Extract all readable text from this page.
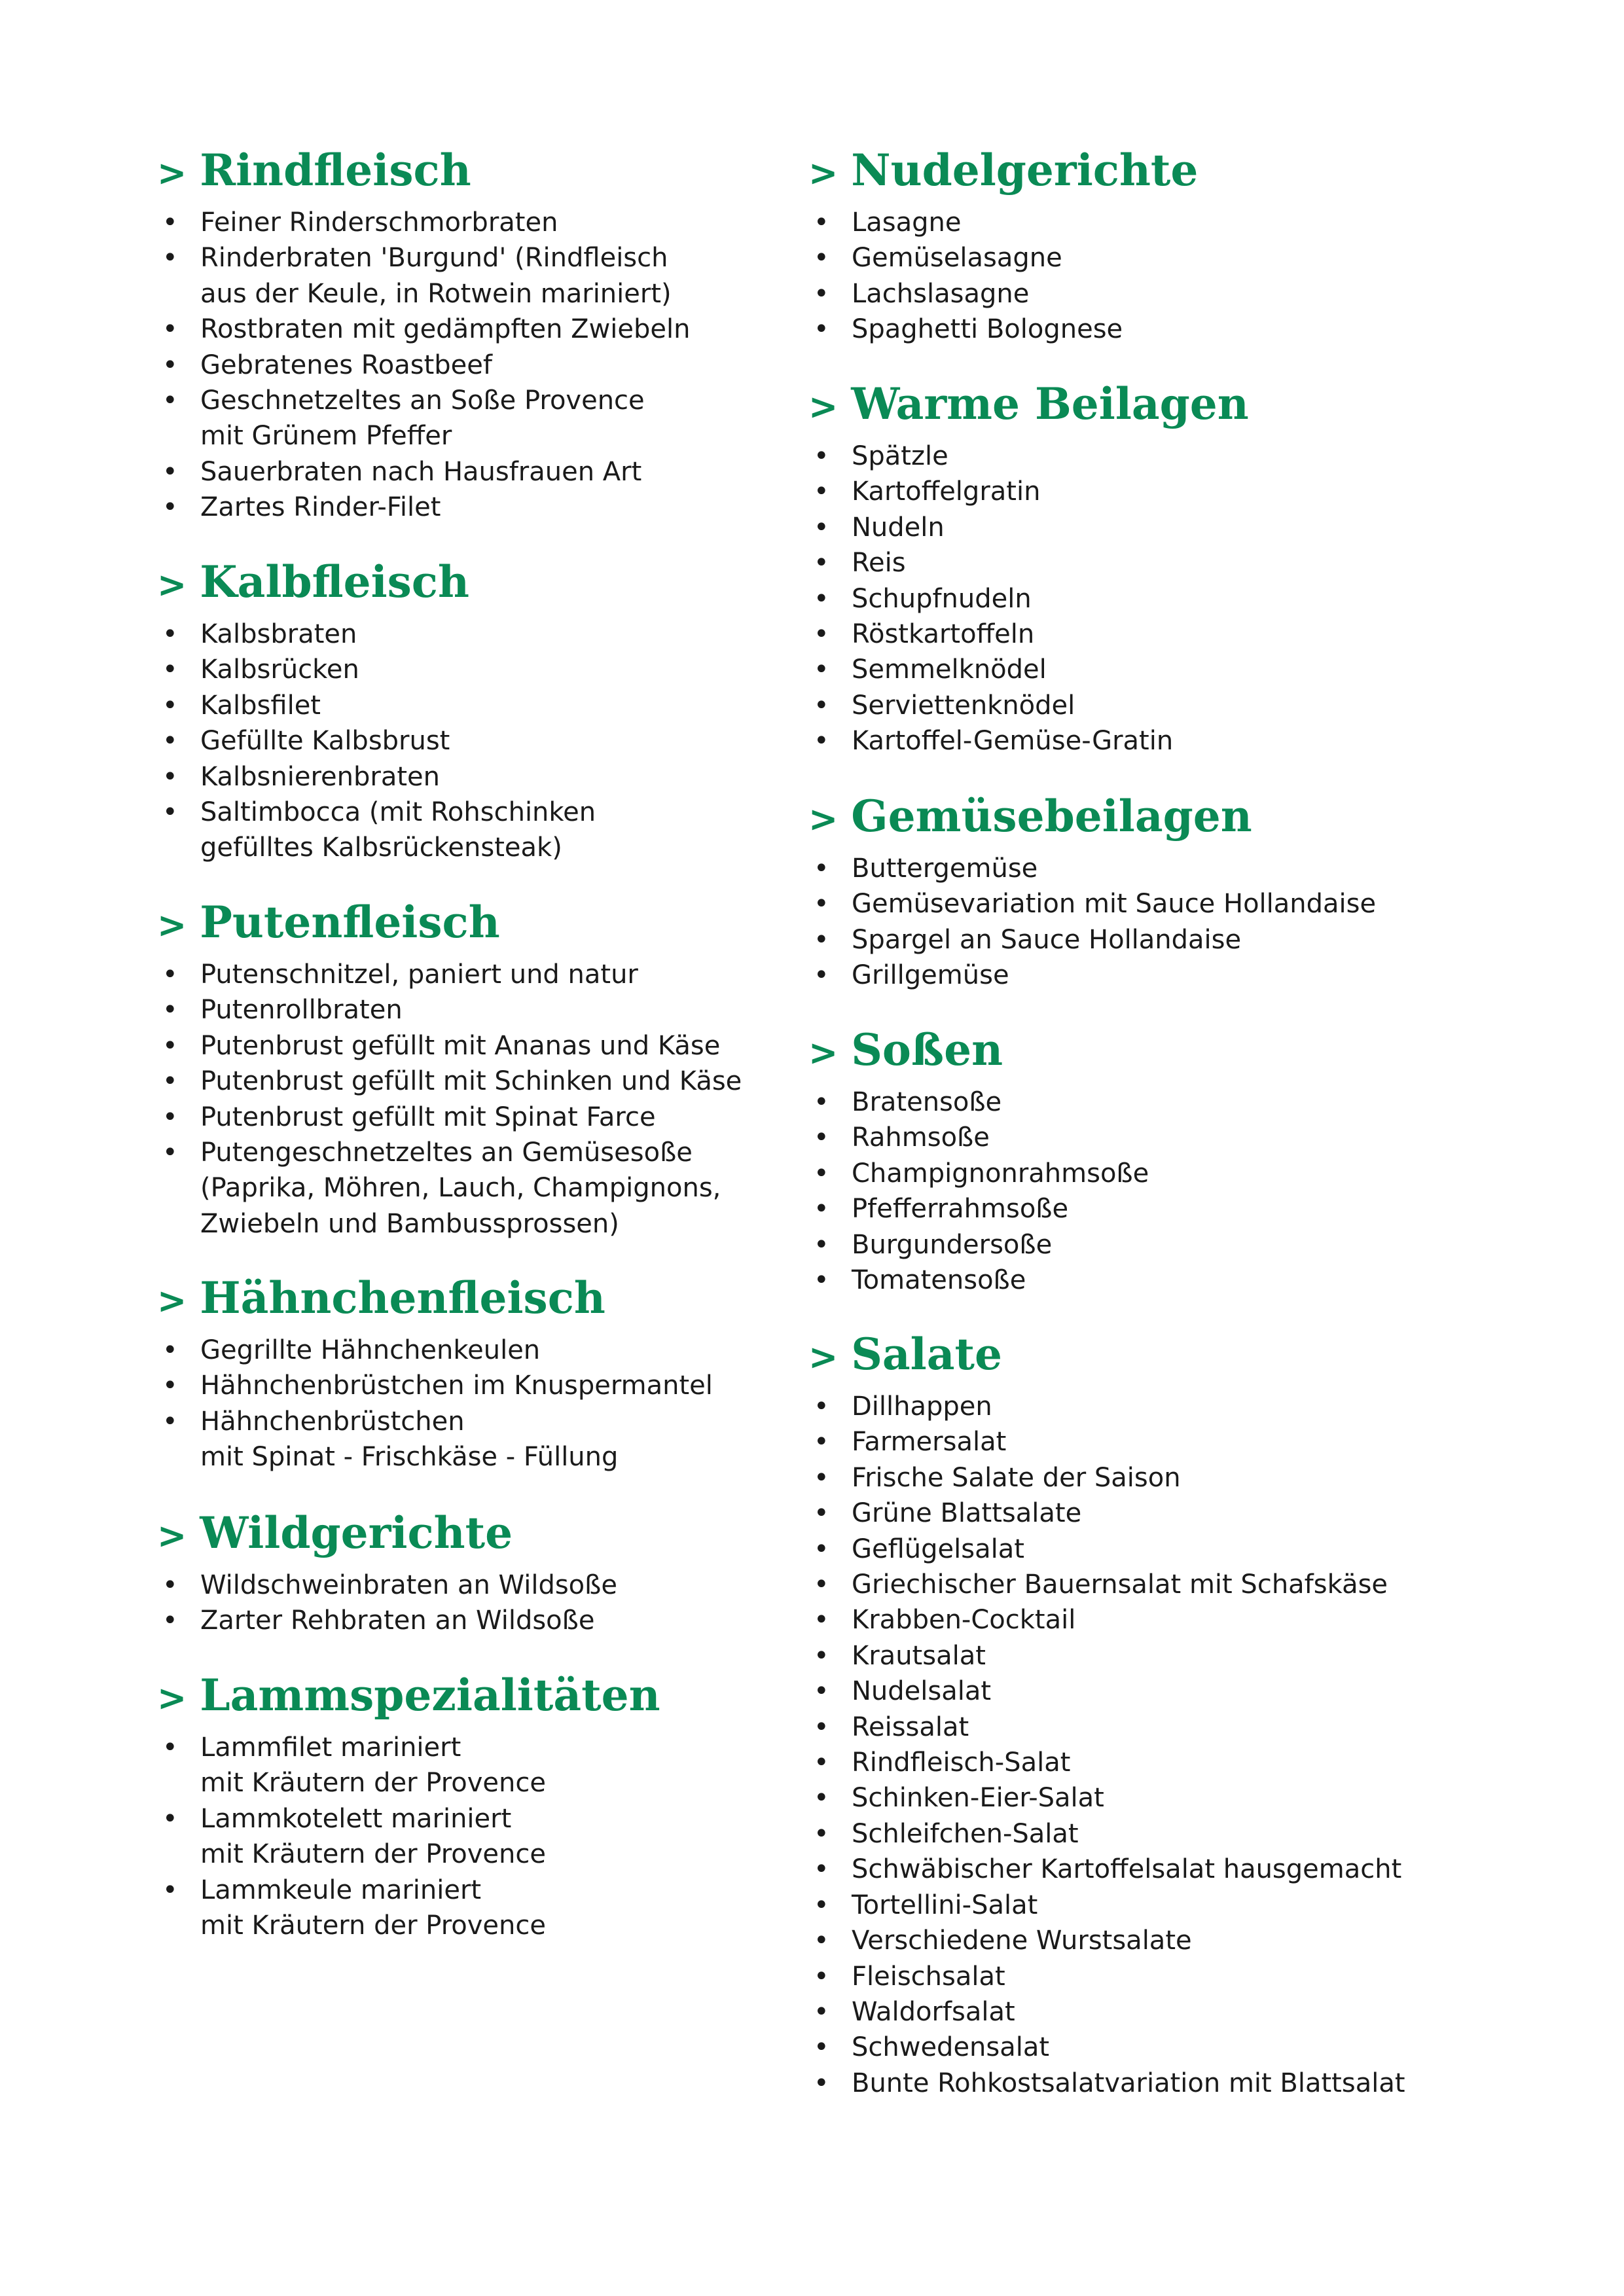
> Rindfleisch
• Feiner Rinderschmorbraten
• Rinderbraten 'Burgund' (Rindfleisch
aus der Keule, in Rotwein mariniert)
• Rostbraten mit gedämpften Zwiebeln
• Gebratenes Roastbeef
• Geschnetzeltes an Soße Provence
mit Grünem Pfeffer
• Sauerbraten nach Hausfrauen Art
• Zartes Rinder-Filet
> Kalbfleisch
• Kalbsbraten
• Kalbsrücken
• Kalbsfilet
• Gefüllte Kalbsbrust
• Kalbsnierenbraten
• Saltimbocca (mit Rohschinken
gefülltes Kalbsrückensteak)
> Putenfleisch
• Putenschnitzel, paniert und natur
• Putenrollbraten
• Putenbrust gefüllt mit Ananas und Käse
• Putenbrust gefüllt mit Schinken und Käse
• Putenbrust gefüllt mit Spinat Farce
• Putengeschnetzeltes an Gemüsesoße
(Paprika, Möhren, Lauch, Champignons,
Zwiebeln und Bambussprossen)
> Hähnchenfleisch
• Gegrillte Hähnchenkeulen
• Hähnchenbrüstchen im Knuspermantel
• Hähnchenbrüstchen
mit Spinat - Frischkäse - Füllung
> Wildgerichte
• Wildschweinbraten an Wildsoße
• Zarter Rehbraten an Wildsoße
> Lammspezialitäten
• Lammfilet mariniert
mit Kräutern der Provence
• Lammkotelett mariniert
mit Kräutern der Provence
• Lammkeule mariniert
mit Kräutern der Provence
> Nudelgerichte
• Lasagne
• Gemüselasagne
• Lachslasagne
• Spaghetti Bolognese
> Warme Beilagen
• Spätzle
• Kartoffelgratin
• Nudeln
• Reis
• Schupfnudeln
• Röstkartoffeln
• Semmelknödel
• Serviettenknödel
• Kartoffel-Gemüse-Gratin
> Gemüsebeilagen
• Buttergemüse
• Gemüsevariation mit Sauce Hollandaise
• Spargel an Sauce Hollandaise
• Grillgemüse
> Soßen
• Bratensoße
• Rahmsoße
• Champignonrahmsoße
• Pfefferrahmsoße
• Burgundersoße
• Tomatensoße
> Salate
• Dillhappen
• Farmersalat
• Frische Salate der Saison
• Grüne Blattsalate
• Geflügelsalat
• Griechischer Bauernsalat mit Schafskäse
• Krabben-Cocktail
• Krautsalat
• Nudelsalat
• Reissalat
• Rindfleisch-Salat
• Schinken-Eier-Salat
• Schleifchen-Salat
• Schwäbischer Kartoffelsalat hausgemacht
• Tortellini-Salat
• Verschiedene Wurstsalate
• Fleischsalat
• Waldorfsalat
• Schwedensalat
• Bunte Rohkostsalatvariation mit Blattsalat
